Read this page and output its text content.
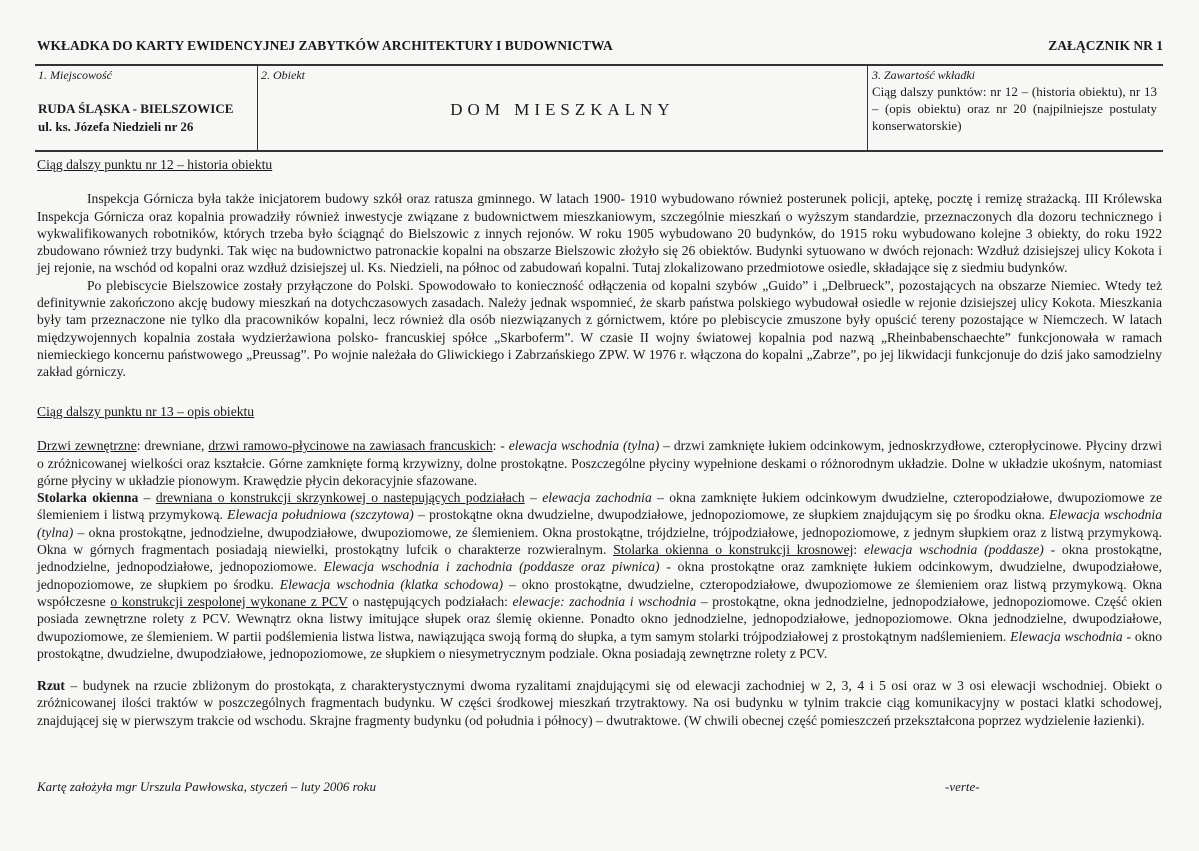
WKŁADKA DO KARTY EWIDENCYJNEJ ZABYTKÓW ARCHITEKTURY I BUDOWNICTWA	ZAŁĄCZNIK NR 1
1. Miejscowość
RUDA ŚLĄSKA - BIELSZOWICE
ul. ks. Józefa Niedzieli nr 26
2. Obiekt
DOM MIESZKALNY
3. Zawartość wkładki
Ciąg dalszy punktów: nr 12 – (historia obiektu), nr 13 – (opis obiektu) oraz nr 20 (najpilniejsze postulaty konserwatorskie)

Ciąg dalszy punktu nr 12 – historia obiektu

Inspekcja Górnicza była także inicjatorem budowy szkół oraz ratusza gminnego. W latach 1900- 1910 wybudowano również posterunek policji, aptekę, pocztę i remizę strażacką. III Królewska Inspekcja Górnicza oraz kopalnia prowadziły również inwestycje związane z budownictwem mieszkaniowym, szczególnie mieszkań o wyższym standardzie, przeznaczonych dla dozoru technicznego i wykwalifikowanych robotników, których trzeba było ściągnąć do Bielszowic z innych rejonów. W roku 1905 wybudowano 20 budynków, do 1915 roku wybudowano kolejne 3 obiekty, do roku 1922 zbudowano również trzy budynki. Tak więc na budownictwo patronackie kopalni na obszarze Bielszowic złożyło się 26 obiektów. Budynki sytuowano w dwóch rejonach: Wzdłuż dzisiejszej ulicy Kokota i jej rejonie, na wschód od kopalni oraz wzdłuż dzisiejszej ul. Ks. Niedzieli, na północ od zabudowań kopalni. Tutaj zlokalizowano przedmiotowe osiedle, składające się z siedmiu budynków.

Po plebiscycie Bielszowice zostały przyłączone do Polski. Spowodowało to konieczność odłączenia od kopalni szybów „Guido” i „Delbrueck”, pozostających na obszarze Niemiec. Wtedy też definitywnie zakończono akcję budowy mieszkań na dotychczasowych zasadach. Należy jednak wspomnieć, że skarb państwa polskiego wybudował osiedle w rejonie dzisiejszej ulicy Kokota. Mieszkania były tam przeznaczone nie tylko dla pracowników kopalni, lecz również dla osób niezwiązanych z górnictwem, które po plebiscycie zmuszone były opuścić tereny pozostające w Niemczech. W latach międzywojennych kopalnia została wydzierżawiona polsko- francuskiej spółce „Skarboferm”. W czasie II wojny światowej kopalnia pod nazwą „Rheinbabenschaechte” funkcjonowała w ramach niemieckiego koncernu państwowego „Preussag”. Po wojnie należała do Gliwickiego i Zabrzańskiego ZPW. W 1976 r. włączona do kopalni „Zabrze”, po jej likwidacji funkcjonuje do dziś jako samodzielny zakład górniczy.

Ciąg dalszy punktu nr 13 – opis obiektu

Drzwi zewnętrzne: drewniane, drzwi ramowo-płycinowe na zawiasach francuskich: - elewacja wschodnia (tylna) – drzwi zamknięte łukiem odcinkowym, jednoskrzydłowe, czteropłycinowe. Płyciny drzwi o zróżnicowanej wielkości oraz kształcie. Górne zamknięte formą krzywizny, dolne prostokątne. Poszczególne płyciny wypełnione deskami o różnorodnym układzie. Dolne w układzie ukośnym, natomiast górne płyciny w układzie pionowym. Krawędzie płycin dekoracyjnie sfazowane.

Stolarka okienna – drewniana o konstrukcji skrzynkowej o nastepujących podziałach – elewacja zachodnia – okna zamknięte łukiem odcinkowym dwudzielne, czteropodziałowe, dwupoziomowe ze ślemieniem i listwą przymykową. Elewacja południowa (szczytowa) – prostokątne okna dwudzielne, dwupodziałowe, jednopoziomowe, ze słupkiem znajdującym się po środku okna. Elewacja wschodnia (tylna) – okna prostokątne, jednodzielne, dwupodziałowe, dwupoziomowe, ze ślemieniem. Okna prostokątne, trójdzielne, trójpodziałowe, jednopoziomowe, z jednym słupkiem oraz z listwą przymykową. Okna w górnych fragmentach posiadają niewielki, prostokątny lufcik o charakterze rozwieralnym. Stolarka okienna o konstrukcji krosnowej: elewacja wschodnia (poddasze) - okna prostokątne, jednodzielne, jednopodziałowe, jednopoziomowe. Elewacja wschodnia i zachodnia (poddasze oraz piwnica) - okna prostokątne oraz zamknięte łukiem odcinkowym, dwudzielne, dwupodziałowe, jednopoziomowe, ze słupkiem po środku. Elewacja wschodnia (klatka schodowa) – okno prostokątne, dwudzielne, czteropodziałowe, dwupoziomowe ze ślemieniem oraz listwą przymykową. Okna współczesne o konstrukcji zespolonej wykonane z PCV o następujących podziałach: elewacje: zachodnia i wschodnia – prostokątne, okna jednodzielne, jednopodziałowe, jednopoziomowe. Część okien posiada zewnętrzne rolety z PCV. Wewnątrz okna listwy imitujące słupek oraz ślemię okienne. Ponadto okno jednodzielne, jednopodziałowe, jednopoziomowe. Okna jednodzielne, dwupodziałowe, dwupoziomowe, ze ślemieniem. W partii podślemienia listwa listwa, nawiązująca swoją formą do słupka, a tym samym stolarki trójpodziałowej z prostokątnym nadślemieniem. Elewacja wschodnia - okno prostokątne, dwudzielne, dwupodziałowe, jednopoziomowe, ze słupkiem o niesymetrycznym podziale. Okna posiadają zewnętrzne rolety z PCV.

Rzut – budynek na rzucie zbliżonym do prostokąta, z charakterystycznymi dwoma ryzalitami znajdującymi się od elewacji zachodniej w 2, 3, 4 i 5 osi oraz w 3 osi elewacji wschodniej. Obiekt o zróżnicowanej ilości traktów w poszczególnych fragmentach budynku. W części środkowej mieszkań trzytraktowy. Na osi budynku w tylnim trakcie ciąg komunikacyjny w postaci klatki schodowej, znajdującej się w pierwszym trakcie od wschodu. Skrajne fragmenty budynku (od południa i północy) – dwutraktowe. (W chwili obecnej część pomieszczeń przekształcona poprzez wydzielenie łazienki).

Kartę założyła mgr Urszula Pawłowska, styczeń – luty 2006 roku	-verte-
